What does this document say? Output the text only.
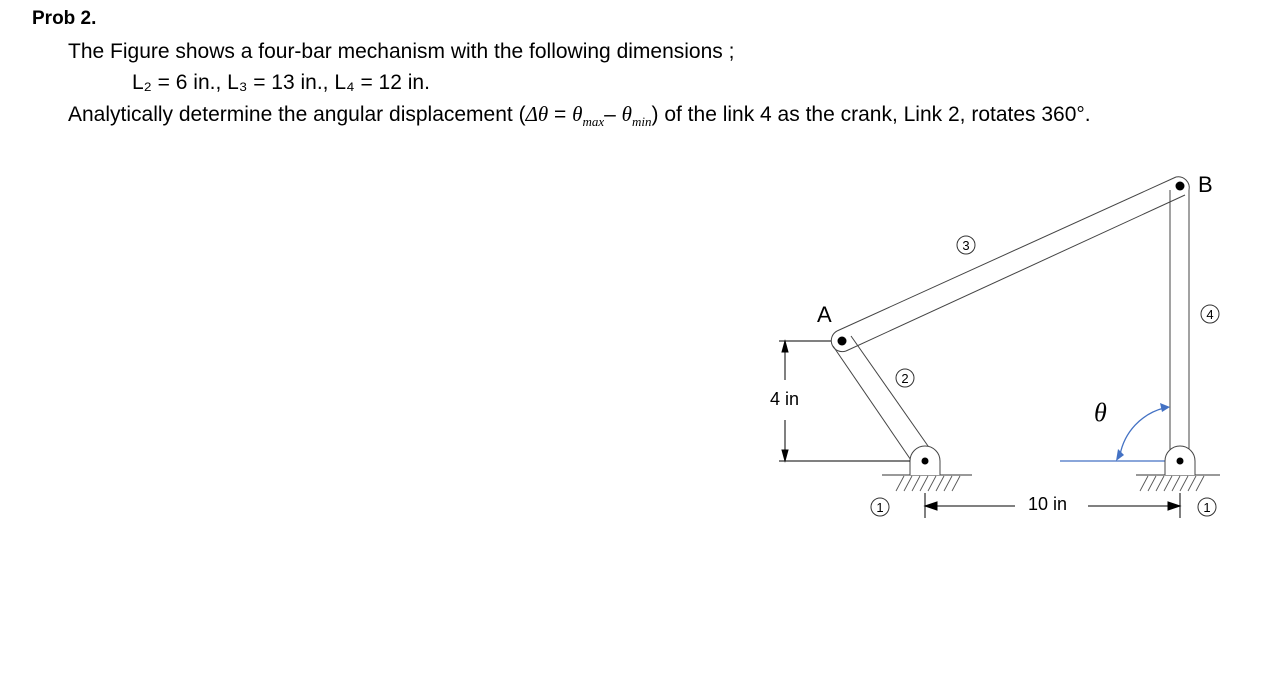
Prob 2.
The Figure shows a four-bar mechanism with the following dimensions ;
L₂ = 6 in., L₃ = 13 in., L₄ = 12 in.
Analytically determine the angular displacement ($\Delta\theta = \theta_{max}-$ $\theta_{min}$) of the link 4 as the crank, Link 2, rotates 360°.
2
3
4
1	1
A
B
4 in
10 in
θ
